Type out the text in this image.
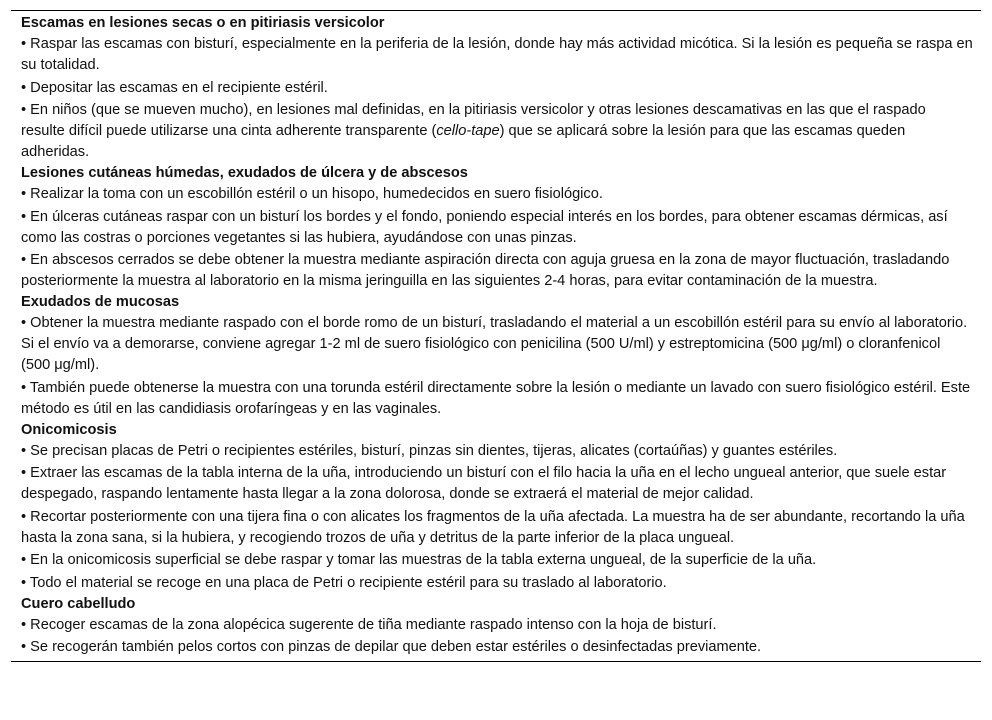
Escamas en lesiones secas o en pitiriasis versicolor

• Raspar las escamas con bisturí, especialmente en la periferia de la lesión, donde hay más actividad micótica. Si la lesión es pequeña se raspa en su totalidad.

• Depositar las escamas en el recipiente estéril.

• En niños (que se mueven mucho), en lesiones mal definidas, en la pitiriasis versicolor y otras lesiones descamativas en las que el raspado resulte difícil puede utilizarse una cinta adherente transparente (cello-tape) que se aplicará sobre la lesión para que las escamas queden adheridas.

Lesiones cutáneas húmedas, exudados de úlcera y de abscesos

• Realizar la toma con un escobillón estéril o un hisopo, humedecidos en suero fisiológico.

• En úlceras cutáneas raspar con un bisturí los bordes y el fondo, poniendo especial interés en los bordes, para obtener escamas dérmicas, así como las costras o porciones vegetantes si las hubiera, ayudándose con unas pinzas.

• En abscesos cerrados se debe obtener la muestra mediante aspiración directa con aguja gruesa en la zona de mayor fluctuación, trasladando posteriormente la muestra al laboratorio en la misma jeringuilla en las siguientes 2-4 horas, para evitar contaminación de la muestra.

Exudados de mucosas

• Obtener la muestra mediante raspado con el borde romo de un bisturí, trasladando el material a un escobillón estéril para su envío al laboratorio. Si el envío va a demorarse, conviene agregar 1-2 ml de suero fisiológico con penicilina (500 U/ml) y estreptomicina (500 μg/ml) o cloranfenicol (500 μg/ml).

• También puede obtenerse la muestra con una torunda estéril directamente sobre la lesión o mediante un lavado con suero fisiológico estéril. Este método es útil en las candidiasis orofaríngeas y en las vaginales.

Onicomicosis

• Se precisan placas de Petri o recipientes estériles, bisturí, pinzas sin dientes, tijeras, alicates (cortaúñas) y guantes estériles.

• Extraer las escamas de la tabla interna de la uña, introduciendo un bisturí con el filo hacia la uña en el lecho ungueal anterior, que suele estar despegado, raspando lentamente hasta llegar a la zona dolorosa, donde se extraerá el material de mejor calidad.

• Recortar posteriormente con una tijera fina o con alicates los fragmentos de la uña afectada. La muestra ha de ser abundante, recortando la uña hasta la zona sana, si la hubiera, y recogiendo trozos de uña y detritus de la parte inferior de la placa ungueal.

• En la onicomicosis superficial se debe raspar y tomar las muestras de la tabla externa ungueal, de la superficie de la uña.

• Todo el material se recoge en una placa de Petri o recipiente estéril para su traslado al laboratorio.

Cuero cabelludo

• Recoger escamas de la zona alopécica sugerente de tiña mediante raspado intenso con la hoja de bisturí.

• Se recogerán también pelos cortos con pinzas de depilar que deben estar estériles o desinfectadas previamente.
